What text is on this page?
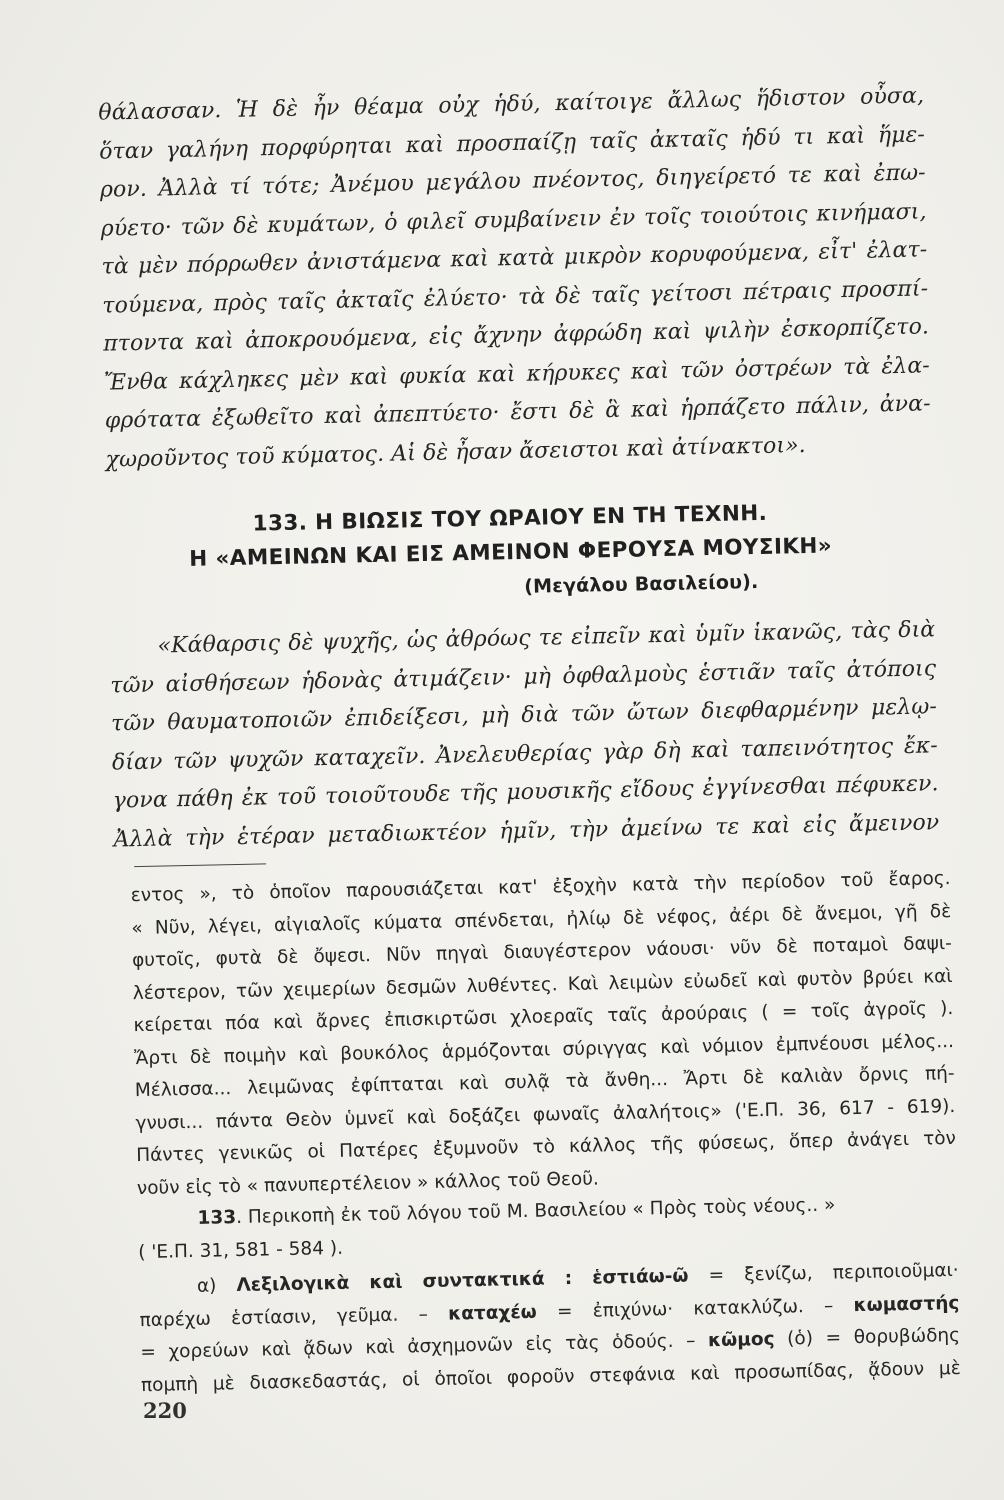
θάλασσαν. Ἡ δὲ ἦν θέαμα οὐχ ἡδύ, καίτοιγε ἄλλως ἥδιστον οὖσα,
ὅταν γαλήνη πορφύρηται καὶ προσπαίζῃ ταῖς ἀκταῖς ἡδύ τι καὶ ἥμε-
ρον. Ἀλλὰ τί τότε; Ἀνέμου μεγάλου πνέοντος, διηγείρετό τε καὶ ἐπω-
ρύετο· τῶν δὲ κυμάτων, ὁ φιλεῖ συμβαίνειν ἐν τοῖς τοιούτοις κινήμασι,
τὰ μὲν πόρρωθεν ἀνιστάμενα καὶ κατὰ μικρὸν κορυφούμενα, εἶτ' ἐλατ-
τούμενα, πρὸς ταῖς ἀκταῖς ἐλύετο· τὰ δὲ ταῖς γείτοσι πέτραις προσπί-
πτοντα καὶ ἀποκρουόμενα, εἰς ἄχνην ἀφρώδη καὶ ψιλὴν ἐσκορπίζετο.
Ἔνθα κάχληκες μὲν καὶ φυκία καὶ κήρυκες καὶ τῶν ὀστρέων τὰ ἐλα-
φρότατα ἐξωθεῖτο καὶ ἀπεπτύετο· ἔστι δὲ ἃ καὶ ἡρπάζετο πάλιν, ἀνα-
χωροῦντος τοῦ κύματος. Αἱ δὲ ἦσαν ἄσειστοι καὶ ἀτίνακτοι».
133. Η ΒΙΩΣΙΣ ΤΟΥ ΩΡΑΙΟΥ ΕΝ ΤΗ ΤΕΧΝΗ.
Η «ΑΜΕΙΝΩΝ ΚΑΙ ΕΙΣ ΑΜΕΙΝΟΝ ΦΕΡΟΥΣΑ ΜΟΥΣΙΚΗ»
(Μεγάλου Βασιλείου).
«Κάθαρσις δὲ ψυχῆς, ὡς ἀθρόως τε εἰπεῖν καὶ ὑμῖν ἱκανῶς, τὰς διὰ
τῶν αἰσθήσεων ἡδονὰς ἀτιμάζειν· μὴ ὀφθαλμοὺς ἑστιᾶν ταῖς ἀτόποις
τῶν θαυματοποιῶν ἐπιδείξεσι, μὴ διὰ τῶν ὤτων διεφθαρμένην μελῳ-
δίαν τῶν ψυχῶν καταχεῖν. Ἀνελευθερίας γὰρ δὴ καὶ ταπεινότητος ἔκ-
γονα πάθη ἐκ τοῦ τοιοῦτουδε τῆς μουσικῆς εἴδους ἐγγίνεσθαι πέφυκεν.
Ἀλλὰ τὴν ἑτέραν μεταδιωκτέον ἡμῖν, τὴν ἀμείνω τε καὶ εἰς ἄμεινον
εντος », τὸ ὁποῖον παρουσιάζεται κατ' ἐξοχὴν κατὰ τὴν περίοδον τοῦ ἔαρος.
« Νῦν, λέγει, αἰγιαλοῖς κύματα σπένδεται, ἠλίῳ δὲ νέφος, ἀέρι δὲ ἄνεμοι, γῆ δὲ
φυτοῖς, φυτὰ δὲ ὄψεσι. Νῦν πηγαὶ διαυγέστερον νάουσι· νῦν δὲ ποταμοὶ δαψι-
λέστερον, τῶν χειμερίων δεσμῶν λυθέντες. Καὶ λειμὼν εὐωδεῖ καὶ φυτὸν βρύει καὶ
κείρεται πόα καὶ ἄρνες ἐπισκιρτῶσι χλοεραῖς ταῖς ἀρούραις ( = τοῖς ἀγροῖς ).
Ἄρτι δὲ ποιμὴν καὶ βουκόλος ἁρμόζονται σύριγγας καὶ νόμιον ἐμπνέουσι μέλος...
Μέλισσα... λειμῶνας ἐφίπταται καὶ συλᾷ τὰ ἄνθη... Ἄρτι δὲ καλιὰν ὄρνις πή-
γνυσι... πάντα Θεὸν ὑμνεῖ καὶ δοξάζει φωναῖς ἀλαλήτοις» ('Ε.Π. 36, 617 - 619).
Πάντες γενικῶς οἱ Πατέρες ἐξυμνοῦν τὸ κάλλος τῆς φύσεως, ὅπερ ἀνάγει τὸν
νοῦν εἰς τὸ « πανυπερτέλειον » κάλλος τοῦ Θεοῦ.
133. Περικοπὴ ἐκ τοῦ λόγου τοῦ Μ. Βασιλείου « Πρὸς τοὺς νέους.. »
( 'Ε.Π. 31, 581 - 584 ).
α) Λεξιλογικὰ καὶ συντακτικά : ἑστιάω-ῶ = ξενίζω, περιποιοῦμαι·
παρέχω ἑστίασιν, γεῦμα. – καταχέω = ἐπιχύνω· κατακλύζω. – κωμαστής
= χορεύων καὶ ᾄδων καὶ ἀσχημονῶν εἰς τὰς ὁδούς. – κῶμος (ὁ) = θορυβώδης
πομπὴ μὲ διασκεδαστάς, οἱ ὁποῖοι φοροῦν στεφάνια καὶ προσωπίδας, ᾄδουν μὲ
220
